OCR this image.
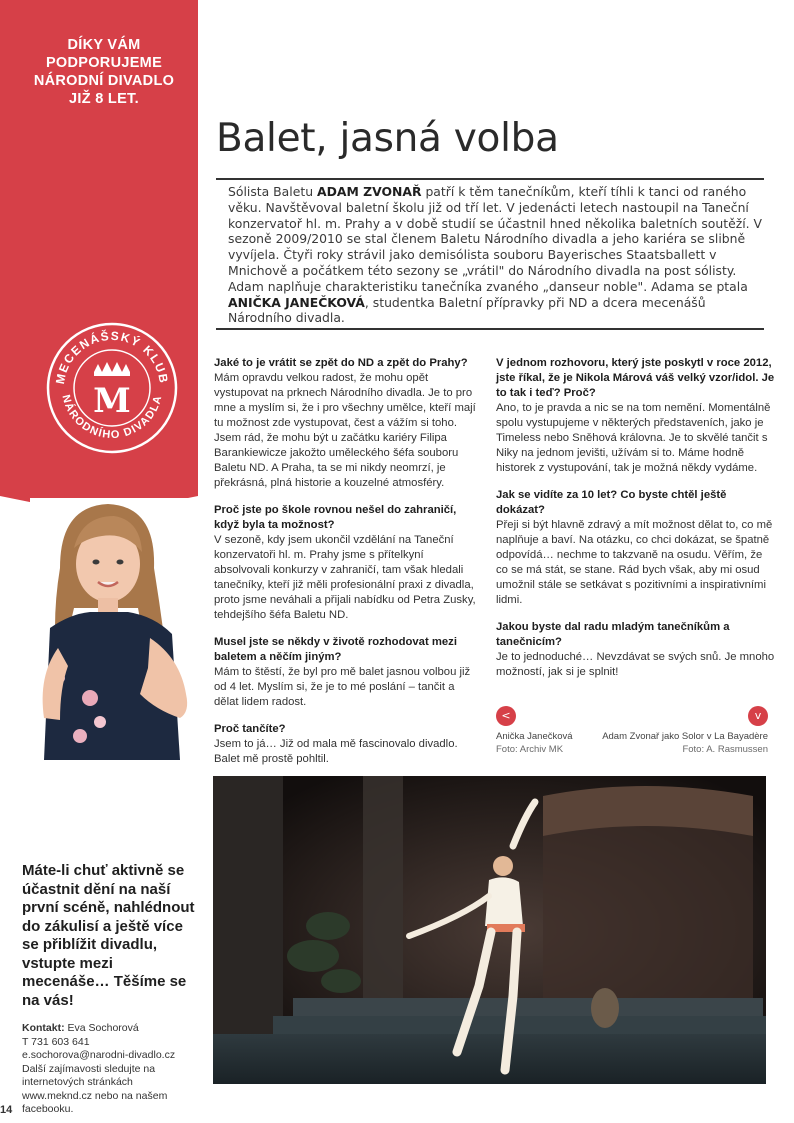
DÍKY VÁM
PODPORUJEME
NÁRODNÍ DIVADLO
JIŽ 8 LET.
MECENÁŠSKÝ KLUB
NÁRODNÍHO DIVADLA
M
Balet, jasná volba

Sólista Baletu ADAM ZVONAŘ patří k těm tanečníkům, kteří tíhli k tanci od raného věku. Navštěvoval baletní školu již od tří let. V jedenácti letech nastoupil na Taneční konzervatoř hl. m. Prahy a v době studií se účastnil hned několika baletních soutěží. V sezoně 2009/2010 se stal členem Baletu Národního divadla a jeho kariéra se slibně vyvíjela. Čtyři roky strávil jako demisólista souboru Bayerisches Staatsballett v Mnichově a počátkem této sezony se „vrátil" do Národního divadla na post sólisty. Adam naplňuje charakteristiku tanečníka zvaného „danseur noble". Adama se ptala ANIČKA JANEČKOVÁ, studentka Baletní přípravky při ND a dcera mecenášů Národního divadla.

Jaké to je vrátit se zpět do ND a zpět do Prahy?
Mám opravdu velkou radost, že mohu opět vystupovat na prknech Národního divadla. Je to pro mne a myslím si, že i pro všechny umělce, kteří mají tu možnost zde vystupovat, čest a vážím si toho. Jsem rád, že mohu být u začátku kariéry Filipa Barankiewicze jakožto uměleckého šéfa souboru Baletu ND. A Praha, ta se mi nikdy neomrzí, je překrásná, plná historie a kouzelné atmosféry.
Proč jste po škole rovnou nešel do zahraničí, když byla ta možnost?
V sezoně, kdy jsem ukončil vzdělání na Taneční konzervatoři hl. m. Prahy jsme s přítelkyní absolvovali konkurzy v zahraničí, tam však hledali tanečníky, kteří již měli profesionální praxi z divadla, proto jsme neváhali a přijali nabídku od Petra Zusky, tehdejšího šéfa Baletu ND.
Musel jste se někdy v životě rozhodovat mezi baletem a něčím jiným?
Mám to štěstí, že byl pro mě balet jasnou volbou již od 4 let. Myslím si, že je to mé poslání – tančit a dělat lidem radost.
Proč tančíte?
Jsem to já… Již od mala mě fascinovalo divadlo. Balet mě prostě pohltil.
V jednom rozhovoru, který jste poskytl v roce 2012, jste říkal, že je Nikola Márová váš velký vzor/idol. Je to tak i teď? Proč?
Ano, to je pravda a nic se na tom nemění. Momentálně spolu vystupujeme v některých představeních, jako je Timeless nebo Sněhová královna. Je to skvělé tančit s Niky na jednom jevišti, užívám si to. Máme hodně historek z vystupování, tak je možná někdy vydáme.
Jak se vidíte za 10 let? Co byste chtěl ještě dokázat?
Přeji si být hlavně zdravý a mít možnost dělat to, co mě naplňuje a baví. Na otázku, co chci dokázat, se špatně odpovídá… nechme to takzvaně na osudu. Věřím, že co se má stát, se stane. Rád bych však, aby mi osud umožnil stále se setkávat s pozitivními a inspirativními lidmi.
Jakou byste dal radu mladým tanečníkům a tanečnicím?
Je to jednoduché… Nevzdávat se svých snů. Je mnoho možností, jak si je splnit!
<
Anička Janečková
Foto: Archiv MK
v
Adam Zvonař jako Solor v La Bayadère
Foto: A. Rasmussen
Máte-li chuť aktivně se účastnit dění na naší první scéně, nahlédnout do zákulisí a ještě více se přiblížit divadlu, vstupte mezi mecenáše… Těšíme se na vás!
Kontakt: Eva Sochorová
T 731 603 641
e.sochorova@narodni-divadlo.cz
Další zajímavosti sledujte na internetových stránkách www.meknd.cz nebo na našem facebooku.
14
